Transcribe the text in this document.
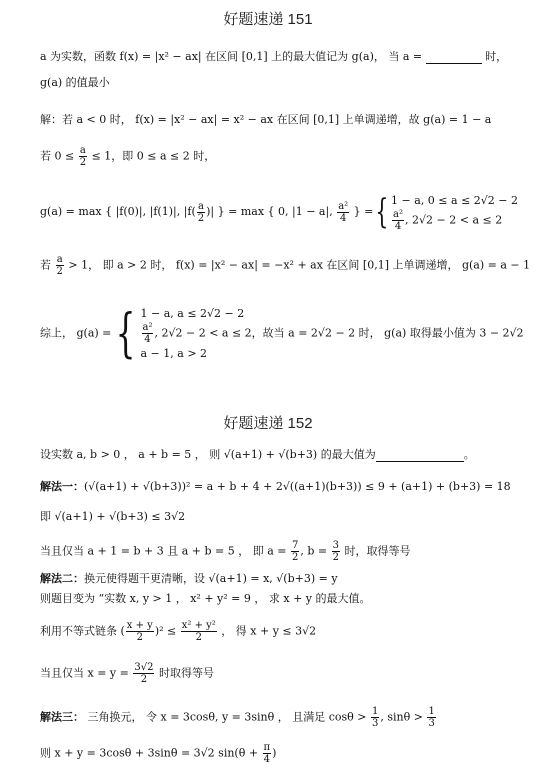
好题速递 151
a 为实数，函数 f(x) = |x² − ax| 在区间 [0,1] 上的最大值记为 g(a)， 当 a =	时，
g(a) 的值最小
解：若 a < 0 时， f(x) = |x² − ax| = x² − ax 在区间 [0,1] 上单调递增，故 g(a) = 1 − a
若 $0 \le \frac{a}{2} \le 1$，即 0 ≤ a ≤ 2 时，
g(a) = max { |f(0)|, |f(1)|, $|f( \frac{a}{2}$ )| } = max { 0, |1 − a|, $\frac{\text{a²}}{4}$ } ={ 1 − a, 0 ≤ a ≤ 2√2 − 2
$\frac{\text{a²}}{4}$ , 2√2 − 2 < a ≤ 2
若 $\frac{a}{2} > 1$， 即 a > 2 时， f(x) = |x² − ax| = −x² + ax 在区间 [0,1] 上单调递增， g(a) = a − 1
综上， g(a) ={ 1 − a, a ≤ 2√2 − 2
$\frac{\text{a²}}{4}$ , 2√2 − 2 < a ≤ 2
a − 1, a > 2
，故当 a = 2√2 − 2 时， g(a) 取得最小值为 3 − 2√2
好题速递 152
设实数 a, b > 0 ， a + b = 5 ， 则 √(a+1) + √(b+3) 的最大值为	。
解法一：(√(a+1) + √(b+3))² = a + b + 4 + 2√((a+1)(b+3)) ≤ 9 + (a+1) + (b+3) = 18
即 √(a+1) + √(b+3) ≤ 3√2
当且仅当 a + 1 = b + 3 且 a + b = 5 ， 即 $a = \frac{7}{2}$ , $b = \frac{3}{2}$ 时，取得等号
解法二：换元使得题干更清晰，设 √(a+1) = x, √(b+3) = y
则题目变为 “实数 x, y > 1 ， x² + y² = 9 ， 求 x + y 的最大值。
利用不等式链条 ( $\frac{x + y}{2} )^2 \le \frac{\text{x² + y²}}{2}$ ， 得 x + y ≤ 3√2
当且仅当 $x = y = \frac{3√2}{2}$ 时取得等号
解法三： 三角换元， 令 x = 3cosθ, y = 3sinθ ， 且满足 $\cos\theta > \frac{1}{3}$ , $\sin\theta > \frac{1}{3}$
则 x + y = 3cosθ + 3sinθ = 3√2 $\sin(\theta + \frac{\pi}{4}$ )
